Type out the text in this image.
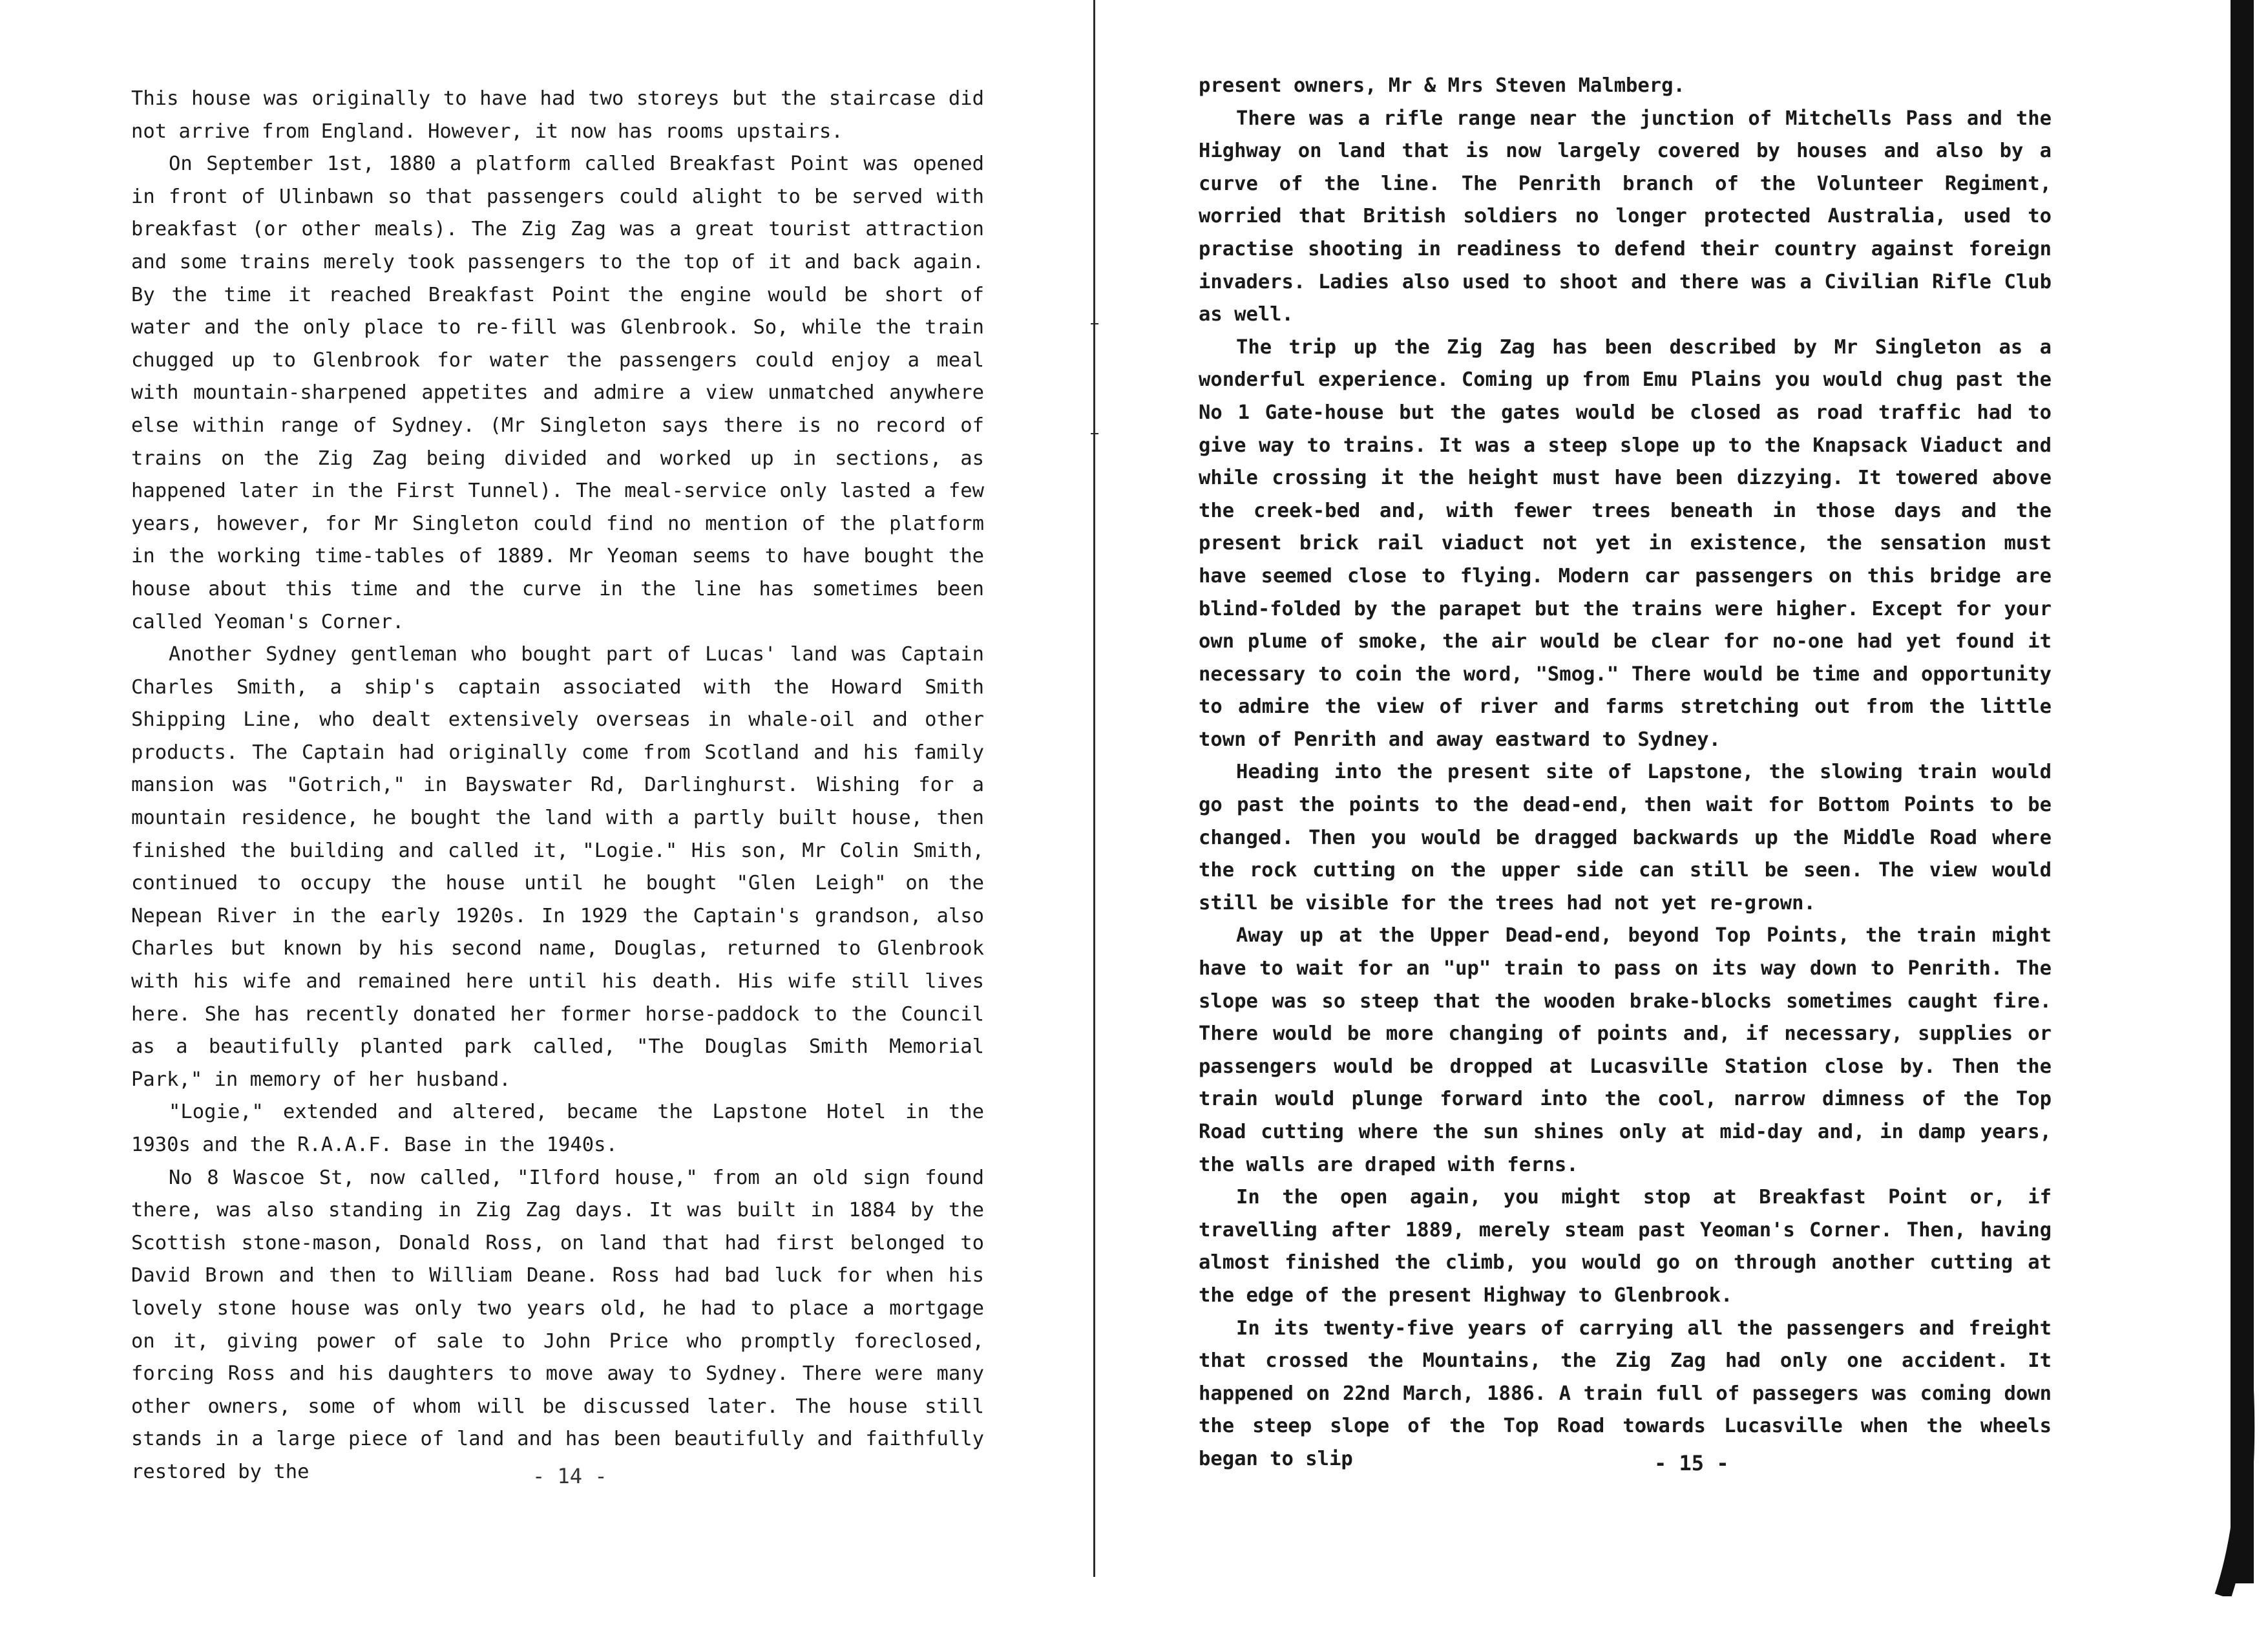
This house was originally to have had two storeys but the staircase did not arrive from England. However, it now has rooms upstairs.

On September 1st, 1880 a platform called Breakfast Point was opened in front of Ulinbawn so that passengers could alight to be served with breakfast (or other meals). The Zig Zag was a great tourist attraction and some trains merely took passengers to the top of it and back again. By the time it reached Breakfast Point the engine would be short of water and the only place to re-fill was Glenbrook. So, while the train chugged up to Glenbrook for water the passengers could enjoy a meal with mountain-sharpened appetites and admire a view unmatched anywhere else within range of Sydney. (Mr Singleton says there is no record of trains on the Zig Zag being divided and worked up in sections, as happened later in the First Tunnel). The meal-service only lasted a few years, however, for Mr Singleton could find no mention of the platform in the working time-tables of 1889. Mr Yeoman seems to have bought the house about this time and the curve in the line has sometimes been called Yeoman's Corner.

Another Sydney gentleman who bought part of Lucas' land was Captain Charles Smith, a ship's captain associated with the Howard Smith Shipping Line, who dealt extensively overseas in whale-oil and other products. The Captain had originally come from Scotland and his family mansion was "Gotrich," in Bayswater Rd, Darlinghurst. Wishing for a mountain residence, he bought the land with a partly built house, then finished the building and called it, "Logie." His son, Mr Colin Smith, continued to occupy the house until he bought "Glen Leigh" on the Nepean River in the early 1920s. In 1929 the Captain's grandson, also Charles but known by his second name, Douglas, returned to Glenbrook with his wife and remained here until his death. His wife still lives here. She has recently donated her former horse-paddock to the Council as a beautifully planted park called, "The Douglas Smith Memorial Park," in memory of her husband.

"Logie," extended and altered, became the Lapstone Hotel in the 1930s and the R.A.A.F. Base in the 1940s.

No 8 Wascoe St, now called, "Ilford house," from an old sign found there, was also standing in Zig Zag days. It was built in 1884 by the Scottish stone-mason, Donald Ross, on land that had first belonged to David Brown and then to William Deane. Ross had bad luck for when his lovely stone house was only two years old, he had to place a mortgage on it, giving power of sale to John Price who promptly foreclosed, forcing Ross and his daughters to move away to Sydney. There were many other owners, some of whom will be discussed later. The house still stands in a large piece of land and has been beautifully and faithfully restored by the	- 14 -

present owners, Mr & Mrs Steven Malmberg.

There was a rifle range near the junction of Mitchells Pass and the Highway on land that is now largely covered by houses and also by a curve of the line. The Penrith branch of the Volunteer Regiment, worried that British soldiers no longer protected Australia, used to practise shooting in readiness to defend their country against foreign invaders. Ladies also used to shoot and there was a Civilian Rifle Club as well.

The trip up the Zig Zag has been described by Mr Singleton as a wonderful experience. Coming up from Emu Plains you would chug past the No 1 Gate-house but the gates would be closed as road traffic had to give way to trains. It was a steep slope up to the Knapsack Viaduct and while crossing it the height must have been dizzying. It towered above the creek-bed and, with fewer trees beneath in those days and the present brick rail viaduct not yet in existence, the sensation must have seemed close to flying. Modern car passengers on this bridge are blind-folded by the parapet but the trains were higher. Except for your own plume of smoke, the air would be clear for no-one had yet found it necessary to coin the word, "Smog." There would be time and opportunity to admire the view of river and farms stretching out from the little town of Penrith and away eastward to Sydney.

Heading into the present site of Lapstone, the slowing train would go past the points to the dead-end, then wait for Bottom Points to be changed. Then you would be dragged backwards up the Middle Road where the rock cutting on the upper side can still be seen. The view would still be visible for the trees had not yet re-grown.

Away up at the Upper Dead-end, beyond Top Points, the train might have to wait for an "up" train to pass on its way down to Penrith. The slope was so steep that the wooden brake-blocks sometimes caught fire. There would be more changing of points and, if necessary, supplies or passengers would be dropped at Lucasville Station close by. Then the train would plunge forward into the cool, narrow dimness of the Top Road cutting where the sun shines only at mid-day and, in damp years, the walls are draped with ferns.

In the open again, you might stop at Breakfast Point or, if travelling after 1889, merely steam past Yeoman's Corner. Then, having almost finished the climb, you would go on through another cutting at the edge of the present Highway to Glenbrook.

In its twenty-five years of carrying all the passengers and freight that crossed the Mountains, the Zig Zag had only one accident. It happened on 22nd March, 1886. A train full of passegers was coming down the steep slope of the Top Road towards Lucasville when the wheels began to slip	- 15 -
